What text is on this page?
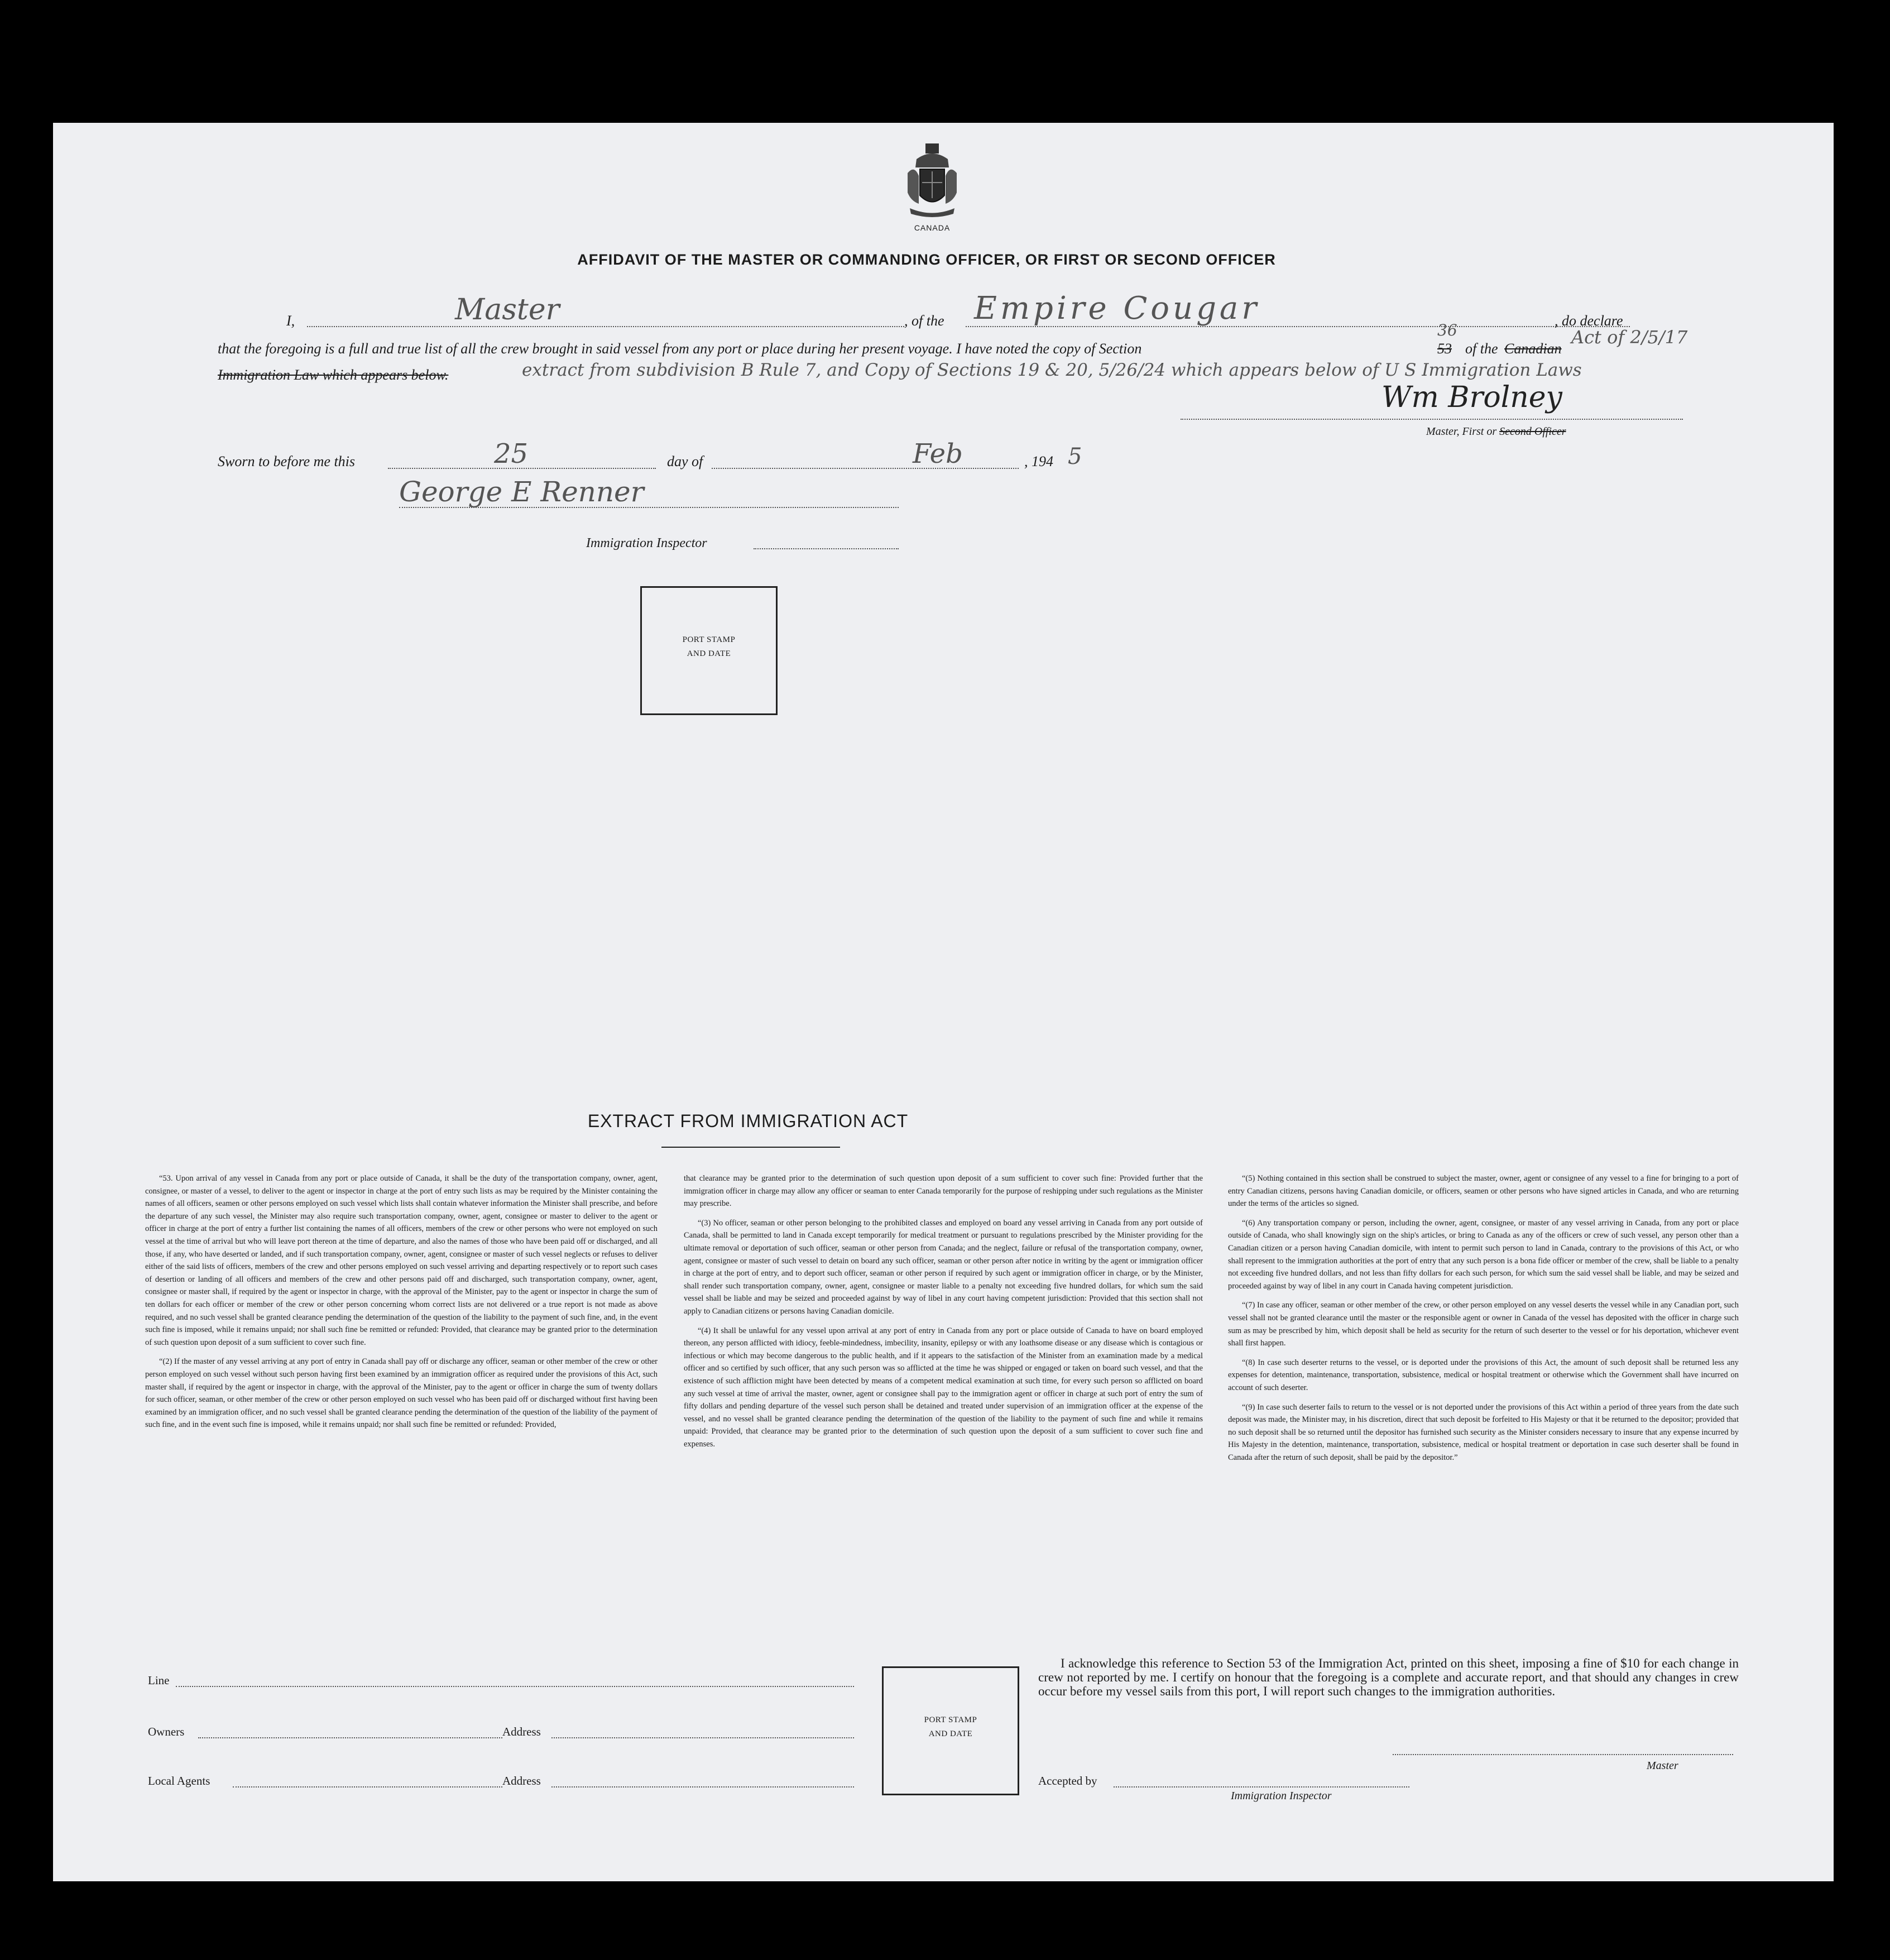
CANADA
AFFIDAVIT OF THE MASTER OR COMMANDING OFFICER, OR FIRST OR SECOND OFFICER
I,	Master	, of the Empire Cougar	, do declare
that the foregoing is a full and true list of all the crew brought in said vessel from any port or place during her present voyage. I have noted the copy of Section
36
53 of the Canadian
Act of 2/5/17
Immigration Law which appears below.	extract from subdivision B Rule 7, and Copy of Sections 19 & 20, 5/26/24 which appears below of U S Immigration Laws
Wm Brolney
Master, First or Second Officer
Sworn to before me this	25	day of	Feb	, 194 5
George E Renner
Immigration Inspector
PORT STAMP
AND DATE
EXTRACT FROM IMMIGRATION ACT

“53. Upon arrival of any vessel in Canada from any port or place outside of Canada, it shall be the duty of the transportation company, owner, agent, consignee, or master of a vessel, to deliver to the agent or inspector in charge at the port of entry such lists as may be required by the Minister containing the names of all officers, seamen or other persons employed on such vessel which lists shall contain whatever information the Minister shall prescribe, and before the departure of any such vessel, the Minister may also require such transportation company, owner, agent, consignee or master to deliver to the agent or officer in charge at the port of entry a further list containing the names of all officers, members of the crew or other persons who were not employed on such vessel at the time of arrival but who will leave port thereon at the time of departure, and also the names of those who have been paid off or discharged, and all those, if any, who have deserted or landed, and if such transportation company, owner, agent, consignee or master of such vessel neglects or refuses to deliver either of the said lists of officers, members of the crew and other persons employed on such vessel arriving and departing respectively or to report such cases of desertion or landing of all officers and members of the crew and other persons paid off and discharged, such transportation company, owner, agent, consignee or master shall, if required by the agent or inspector in charge, with the approval of the Minister, pay to the agent or inspector in charge the sum of ten dollars for each officer or member of the crew or other person concerning whom correct lists are not delivered or a true report is not made as above required, and no such vessel shall be granted clearance pending the determination of the question of the liability to the payment of such fine, and, in the event such fine is imposed, while it remains unpaid; nor shall such fine be remitted or refunded: Provided, that clearance may be granted prior to the determination of such question upon deposit of a sum sufficient to cover such fine.

“(2) If the master of any vessel arriving at any port of entry in Canada shall pay off or discharge any officer, seaman or other member of the crew or other person employed on such vessel without such person having first been examined by an immigration officer as required under the provisions of this Act, such master shall, if required by the agent or inspector in charge, with the approval of the Minister, pay to the agent or officer in charge the sum of twenty dollars for such officer, seaman, or other member of the crew or other person employed on such vessel who has been paid off or discharged without first having been examined by an immigration officer, and no such vessel shall be granted clearance pending the determination of the question of the liability of the payment of such fine, and in the event such fine is imposed, while it remains unpaid; nor shall such fine be remitted or refunded: Provided,

that clearance may be granted prior to the determination of such question upon deposit of a sum sufficient to cover such fine: Provided further that the immigration officer in charge may allow any officer or seaman to enter Canada temporarily for the purpose of reshipping under such regulations as the Minister may prescribe.

“(3) No officer, seaman or other person belonging to the prohibited classes and employed on board any vessel arriving in Canada from any port outside of Canada, shall be permitted to land in Canada except temporarily for medical treatment or pursuant to regulations prescribed by the Minister providing for the ultimate removal or deportation of such officer, seaman or other person from Canada; and the neglect, failure or refusal of the transportation company, owner, agent, consignee or master of such vessel to detain on board any such officer, seaman or other person after notice in writing by the agent or immigration officer in charge at the port of entry, and to deport such officer, seaman or other person if required by such agent or immigration officer in charge, or by the Minister, shall render such transportation company, owner, agent, consignee or master liable to a penalty not exceeding five hundred dollars, for which sum the said vessel shall be liable and may be seized and proceeded against by way of libel in any court having competent jurisdiction: Provided that this section shall not apply to Canadian citizens or persons having Canadian domicile.

“(4) It shall be unlawful for any vessel upon arrival at any port of entry in Canada from any port or place outside of Canada to have on board employed thereon, any person afflicted with idiocy, feeble-mindedness, imbecility, insanity, epilepsy or with any loathsome disease or any disease which is contagious or infectious or which may become dangerous to the public health, and if it appears to the satisfaction of the Minister from an examination made by a medical officer and so certified by such officer, that any such person was so afflicted at the time he was shipped or engaged or taken on board such vessel, and that the existence of such affliction might have been detected by means of a competent medical examination at such time, for every such person so afflicted on board any such vessel at time of arrival the master, owner, agent or consignee shall pay to the immigration agent or officer in charge at such port of entry the sum of fifty dollars and pending departure of the vessel such person shall be detained and treated under supervision of an immigration officer at the expense of the vessel, and no vessel shall be granted clearance pending the determination of the question of the liability to the payment of such fine and while it remains unpaid: Provided, that clearance may be granted prior to the determination of such question upon the deposit of a sum sufficient to cover such fine and expenses.

“(5) Nothing contained in this section shall be construed to subject the master, owner, agent or consignee of any vessel to a fine for bringing to a port of entry Canadian citizens, persons having Canadian domicile, or officers, seamen or other persons who have signed articles in Canada, and who are returning under the terms of the articles so signed.

“(6) Any transportation company or person, including the owner, agent, consignee, or master of any vessel arriving in Canada, from any port or place outside of Canada, who shall knowingly sign on the ship's articles, or bring to Canada as any of the officers or crew of such vessel, any person other than a Canadian citizen or a person having Canadian domicile, with intent to permit such person to land in Canada, contrary to the provisions of this Act, or who shall represent to the immigration authorities at the port of entry that any such person is a bona fide officer or member of the crew, shall be liable to a penalty not exceeding five hundred dollars, and not less than fifty dollars for each such person, for which sum the said vessel shall be liable, and may be seized and proceeded against by way of libel in any court in Canada having competent jurisdiction.

“(7) In case any officer, seaman or other member of the crew, or other person employed on any vessel deserts the vessel while in any Canadian port, such vessel shall not be granted clearance until the master or the responsible agent or owner in Canada of the vessel has deposited with the officer in charge such sum as may be prescribed by him, which deposit shall be held as security for the return of such deserter to the vessel or for his deportation, whichever event shall first happen.

“(8) In case such deserter returns to the vessel, or is deported under the provisions of this Act, the amount of such deposit shall be returned less any expenses for detention, maintenance, transportation, subsistence, medical or hospital treatment or otherwise which the Government shall have incurred on account of such deserter.

“(9) In case such deserter fails to return to the vessel or is not deported under the provisions of this Act within a period of three years from the date such deposit was made, the Minister may, in his discretion, direct that such deposit be forfeited to His Majesty or that it be returned to the depositor; provided that no such deposit shall be so returned until the depositor has furnished such security as the Minister considers necessary to insure that any expense incurred by His Majesty in the detention, maintenance, transportation, subsistence, medical or hospital treatment or deportation in case such deserter shall be found in Canada after the return of such deposit, shall be paid by the depositor.”

Line
Owners	Address
Local Agents	Address
PORT STAMP
AND DATE
I acknowledge this reference to Section 53 of the Immigration Act, printed on this sheet, imposing a fine of $10 for each change in crew not reported by me. I certify on honour that the foregoing is a complete and accurate report, and that should any changes in crew occur before my vessel sails from this port, I will report such changes to the immigration authorities.
Master
Accepted by
Immigration Inspector
